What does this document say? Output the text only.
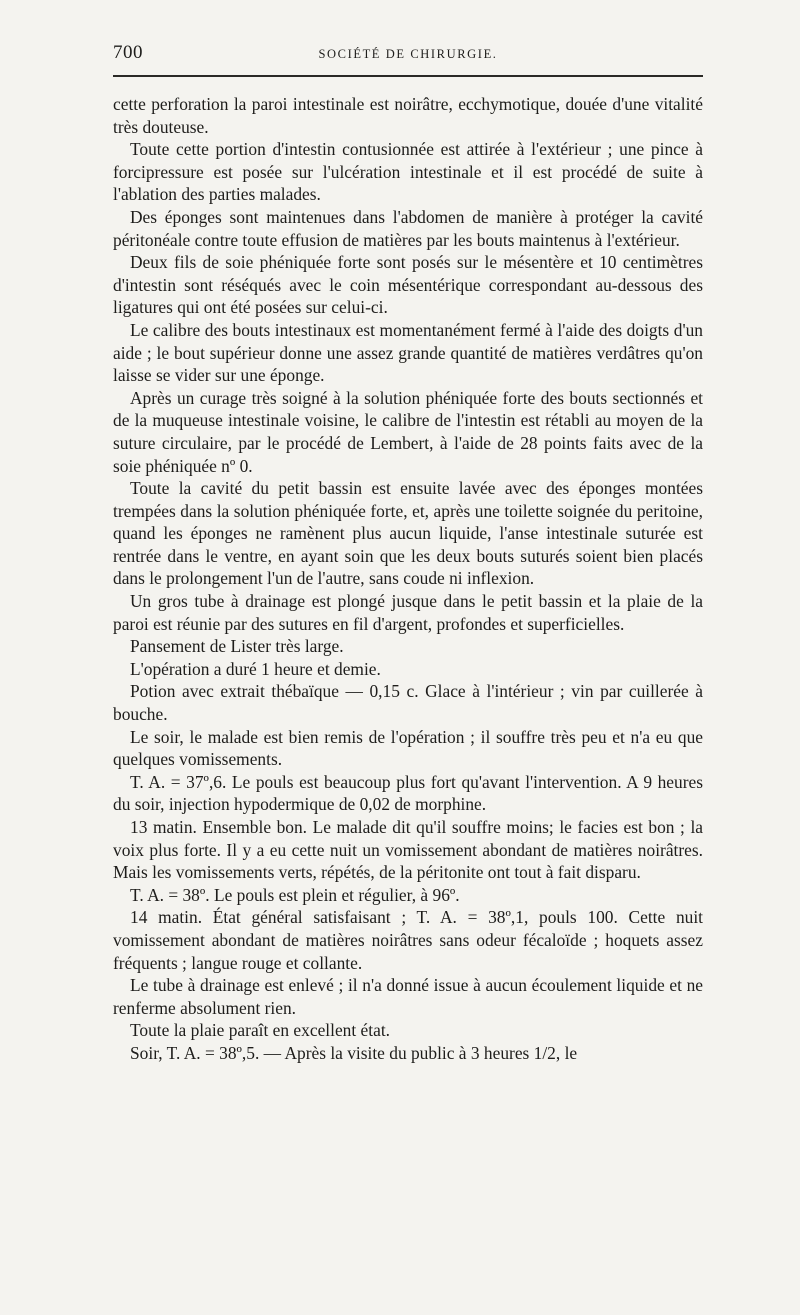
700	SOCIÉTÉ DE CHIRURGIE.

cette perforation la paroi intestinale est noirâtre, ecchymotique, douée d'une vitalité très douteuse.

Toute cette portion d'intestin contusionnée est attirée à l'extérieur ; une pince à forcipressure est posée sur l'ulcération intestinale et il est procédé de suite à l'ablation des parties malades.

Des éponges sont maintenues dans l'abdomen de manière à protéger la cavité péritonéale contre toute effusion de matières par les bouts maintenus à l'extérieur.

Deux fils de soie phéniquée forte sont posés sur le mésentère et 10 centimètres d'intestin sont réséqués avec le coin mésentérique correspondant au-dessous des ligatures qui ont été posées sur celui-ci.

Le calibre des bouts intestinaux est momentanément fermé à l'aide des doigts d'un aide ; le bout supérieur donne une assez grande quantité de matières verdâtres qu'on laisse se vider sur une éponge.

Après un curage très soigné à la solution phéniquée forte des bouts sectionnés et de la muqueuse intestinale voisine, le calibre de l'intestin est rétabli au moyen de la suture circulaire, par le procédé de Lembert, à l'aide de 28 points faits avec de la soie phéniquée nº 0.

Toute la cavité du petit bassin est ensuite lavée avec des éponges montées trempées dans la solution phéniquée forte, et, après une toilette soignée du peritoine, quand les éponges ne ramènent plus aucun liquide, l'anse intestinale suturée est rentrée dans le ventre, en ayant soin que les deux bouts suturés soient bien placés dans le prolongement l'un de l'autre, sans coude ni inflexion.

Un gros tube à drainage est plongé jusque dans le petit bassin et la plaie de la paroi est réunie par des sutures en fil d'argent, profondes et superficielles.

Pansement de Lister très large.

L'opération a duré 1 heure et demie.

Potion avec extrait thébaïque — 0,15 c. Glace à l'intérieur ; vin par cuillerée à bouche.

Le soir, le malade est bien remis de l'opération ; il souffre très peu et n'a eu que quelques vomissements.

T. A. = 37º,6. Le pouls est beaucoup plus fort qu'avant l'intervention. A 9 heures du soir, injection hypodermique de 0,02 de morphine.

13 matin. Ensemble bon. Le malade dit qu'il souffre moins; le facies est bon ; la voix plus forte. Il y a eu cette nuit un vomissement abondant de matières noirâtres. Mais les vomissements verts, répétés, de la péritonite ont tout à fait disparu.

T. A. = 38º. Le pouls est plein et régulier, à 96º.

14 matin. État général satisfaisant ; T. A. = 38º,1, pouls 100. Cette nuit vomissement abondant de matières noirâtres sans odeur fécaloïde ; hoquets assez fréquents ; langue rouge et collante.

Le tube à drainage est enlevé ; il n'a donné issue à aucun écoulement liquide et ne renferme absolument rien.

Toute la plaie paraît en excellent état.

Soir, T. A. = 38º,5. — Après la visite du public à 3 heures 1/2, le
